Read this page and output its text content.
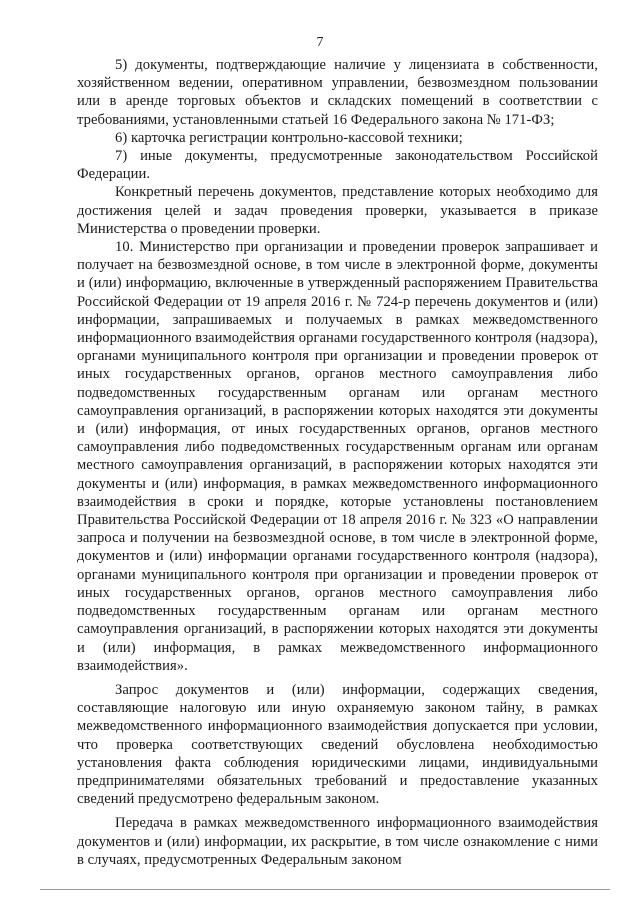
7

5) документы, подтверждающие наличие у лицензиата в собственности, хозяйственном ведении, оперативном управлении, безвозмездном пользовании или в аренде торговых объектов и складских помещений в соответствии с требованиями, установленными статьей 16 Федерального закона № 171-ФЗ;

6) карточка регистрации контрольно-кассовой техники;

7) иные документы, предусмотренные законодательством Российской Федерации.

Конкретный перечень документов, представление которых необходимо для достижения целей и задач проведения проверки, указывается в приказе Министерства о проведении проверки.

10. Министерство при организации и проведении проверок запрашивает и получает на безвозмездной основе, в том числе в электронной форме, документы и (или) информацию, включенные в утвержденный распоряжением Правительства Российской Федерации от 19 апреля 2016 г. № 724-р перечень документов и (или) информации, запрашиваемых и получаемых в рамках межведомственного информационного взаимодействия органами государственного контроля (надзора), органами муниципального контроля при организации и проведении проверок от иных государственных органов, органов местного самоуправления либо подведомственных государственным органам или органам местного самоуправления организаций, в распоряжении которых находятся эти документы и (или) информация, от иных государственных органов, органов местного самоуправления либо подведомственных государственным органам или органам местного самоуправления организаций, в распоряжении которых находятся эти документы и (или) информация, в рамках межведомственного информационного взаимодействия в сроки и порядке, которые установлены постановлением Правительства Российской Федерации от 18 апреля 2016 г. № 323 «О направлении запроса и получении на безвозмездной основе, в том числе в электронной форме, документов и (или) информации органами государственного контроля (надзора), органами муниципального контроля при организации и проведении проверок от иных государственных органов, органов местного самоуправления либо подведомственных государственным органам или органам местного самоуправления организаций, в распоряжении которых находятся эти документы и (или) информация, в рамках межведомственного информационного взаимодействия».

Запрос документов и (или) информации, содержащих сведения, составляющие налоговую или иную охраняемую законом тайну, в рамках межведомственного информационного взаимодействия допускается при условии, что проверка соответствующих сведений обусловлена необходимостью установления факта соблюдения юридическими лицами, индивидуальными предпринимателями обязательных требований и предоставление указанных сведений предусмотрено федеральным законом.

Передача в рамках межведомственного информационного взаимодействия документов и (или) информации, их раскрытие, в том числе ознакомление с ними в случаях, предусмотренных Федеральным законом
